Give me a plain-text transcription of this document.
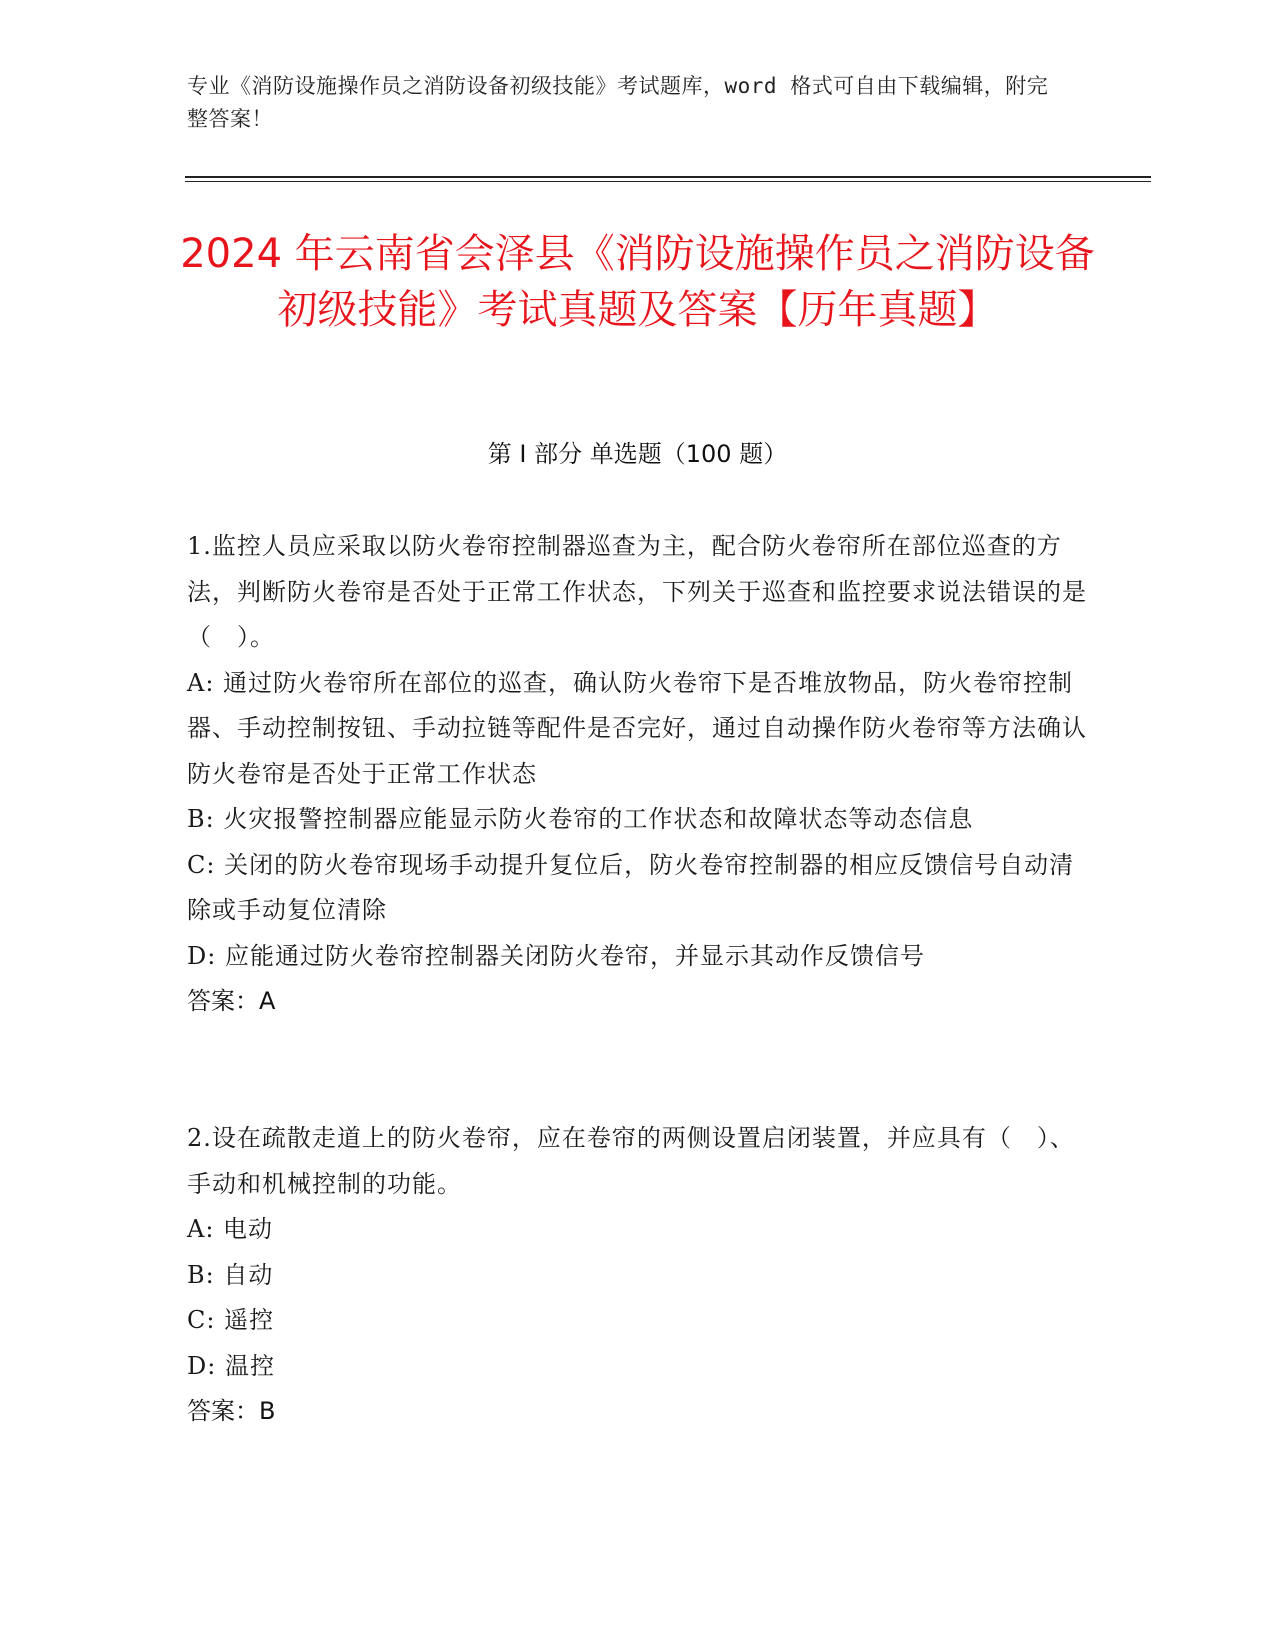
专业《消防设施操作员之消防设备初级技能》考试题库，word 格式可自由下载编辑，附完整答案！
2024 年云南省会泽县《消防设施操作员之消防设备初级技能》考试真题及答案【历年真题】
第 I 部分 单选题（100 题）

1.监控人员应采取以防火卷帘控制器巡查为主，配合防火卷帘所在部位巡查的方法，判断防火卷帘是否处于正常工作状态，下列关于巡查和监控要求说法错误的是（　）。

A: 通过防火卷帘所在部位的巡查，确认防火卷帘下是否堆放物品，防火卷帘控制器、手动控制按钮、手动拉链等配件是否完好，通过自动操作防火卷帘等方法确认防火卷帘是否处于正常工作状态

B: 火灾报警控制器应能显示防火卷帘的工作状态和故障状态等动态信息

C: 关闭的防火卷帘现场手动提升复位后，防火卷帘控制器的相应反馈信号自动清除或手动复位清除

D: 应能通过防火卷帘控制器关闭防火卷帘，并显示其动作反馈信号

答案：A

2.设在疏散走道上的防火卷帘，应在卷帘的两侧设置启闭装置，并应具有（　）、手动和机械控制的功能。

A: 电动

B: 自动

C: 遥控

D: 温控

答案：B
